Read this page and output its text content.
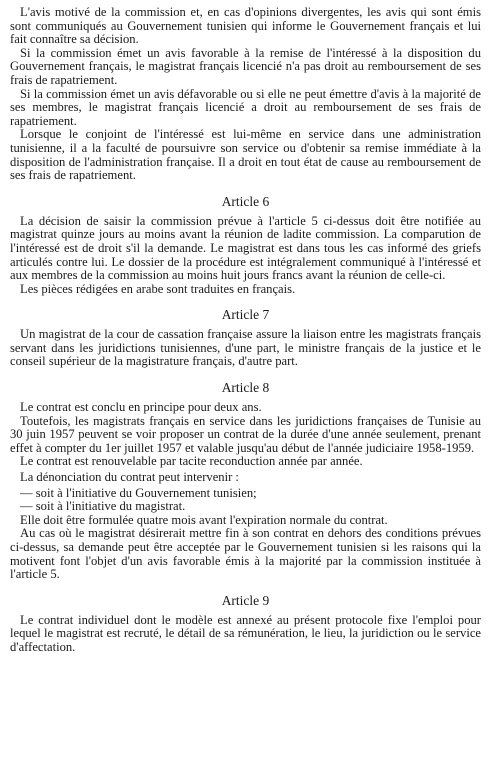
L'avis motivé de la commission et, en cas d'opinions divergentes, les avis qui sont émis sont communiqués au Gouvernement tunisien qui informe le Gouvernement français et lui fait connaître sa décision.

Si la commission émet un avis favorable à la remise de l'intéressé à la disposition du Gouvernement français, le magistrat français licencié n'a pas droit au remboursement de ses frais de rapatriement.

Si la commission émet un avis défavorable ou si elle ne peut émettre d'avis à la majorité de ses membres, le magistrat français licencié a droit au remboursement de ses frais de rapatriement.

Lorsque le conjoint de l'intéressé est lui-même en service dans une administration tunisienne, il a la faculté de poursuivre son service ou d'obtenir sa remise immédiate à la disposition de l'administration française. Il a droit en tout état de cause au remboursement de ses frais de rapatriement.

Article 6

La décision de saisir la commission prévue à l'article 5 ci-dessus doit être notifiée au magistrat quinze jours au moins avant la réunion de ladite commission. La comparution de l'intéressé est de droit s'il la demande. Le magistrat est dans tous les cas informé des griefs articulés contre lui. Le dossier de la procédure est intégralement communiqué à l'intéressé et aux membres de la commission au moins huit jours francs avant la réunion de celle-ci.

Les pièces rédigées en arabe sont traduites en français.

Article 7

Un magistrat de la cour de cassation française assure la liaison entre les magistrats français servant dans les juridictions tunisiennes, d'une part, le ministre français de la justice et le conseil supérieur de la magistrature français, d'autre part.

Article 8

Le contrat est conclu en principe pour deux ans.

Toutefois, les magistrats français en service dans les juridictions françaises de Tunisie au 30 juin 1957 peuvent se voir proposer un contrat de la durée d'une année seulement, prenant effet à compter du 1er juillet 1957 et valable jusqu'au début de l'année judiciaire 1958-1959.

Le contrat est renouvelable par tacite reconduction année par année.

La dénonciation du contrat peut intervenir :

— soit à l'initiative du Gouvernement tunisien;

— soit à l'initiative du magistrat.

Elle doit être formulée quatre mois avant l'expiration normale du contrat.

Au cas où le magistrat désirerait mettre fin à son contrat en dehors des conditions prévues ci-dessus, sa demande peut être acceptée par le Gouvernement tunisien si les raisons qui la motivent font l'objet d'un avis favorable émis à la majorité par la commission instituée à l'article 5.

Article 9

Le contrat individuel dont le modèle est annexé au présent protocole fixe l'emploi pour lequel le magistrat est recruté, le détail de sa rémunération, le lieu, la juridiction ou le service d'affectation.
